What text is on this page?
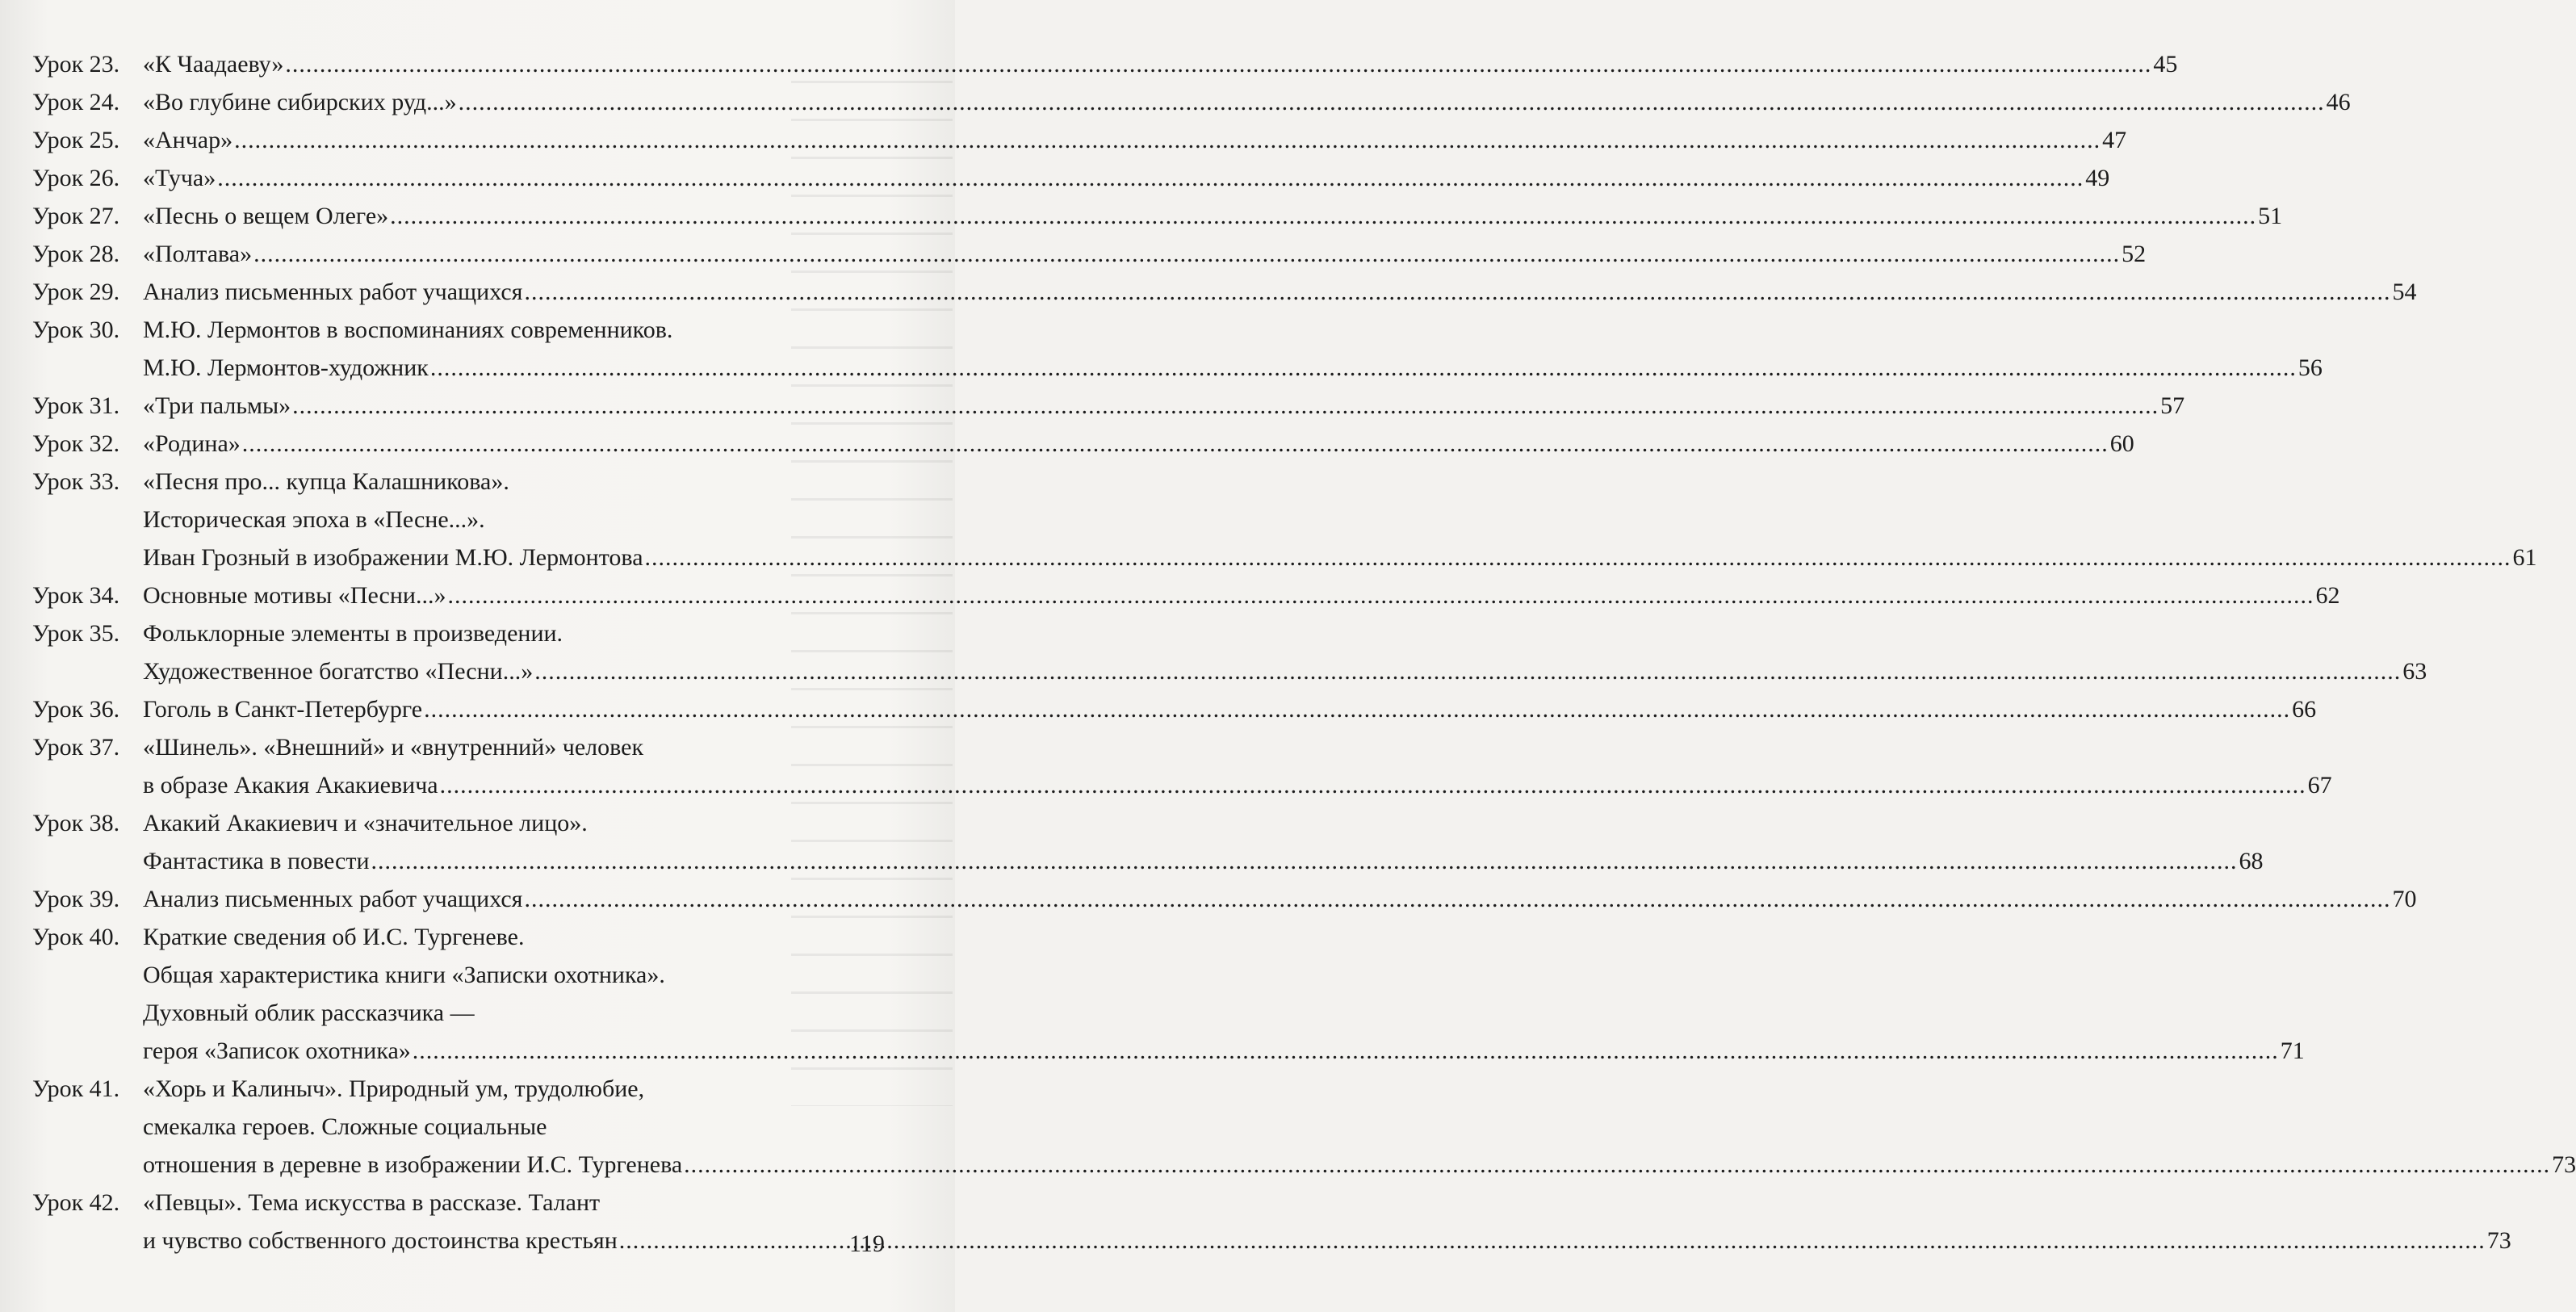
Урок 23. «К Чаадаеву» .....	45
Урок 24. «Во глубине сибирских руд...» .....	46
Урок 25. «Анчар» .....	47
Урок 26. «Туча» .....	49
Урок 27. «Песнь о вещем Олеге» .....	51
Урок 28. «Полтава» .....	52
Урок 29. Анализ письменных работ учащихся .....	54
Урок 30. М.Ю. Лермонтов в воспоминаниях современников.
М.Ю. Лермонтов-художник .....	56
Урок 31. «Три пальмы» .....	57
Урок 32. «Родина» .....	60
Урок 33. «Песня про... купца Калашникова».
Историческая эпоха в «Песне...».
Иван Грозный в изображении М.Ю. Лермонтова .....	61
Урок 34. Основные мотивы «Песни...» .....	62
Урок 35. Фольклорные элементы в произведении.
Художественное богатство «Песни...» .....	63
Урок 36. Гоголь в Санкт-Петербурге .....	66
Урок 37. «Шинель». «Внешний» и «внутренний» человек
в образе Акакия Акакиевича .....	67
Урок 38. Акакий Акакиевич и «значительное лицо».
Фантастика в повести .....	68
Урок 39. Анализ письменных работ учащихся .....	70
Урок 40. Краткие сведения об И.С. Тургеневе.
Общая характеристика книги «Записки охотника».
Духовный облик рассказчика —
героя «Записок охотника» .....	71
Урок 41. «Хорь и Калиныч». Природный ум, трудолюбие,
смекалка героев. Сложные социальные
отношения в деревне в изображении И.С. Тургенева .....	73
Урок 42. «Певцы». Тема искусства в рассказе. Талант
и чувство собственного достоинства крестьян .....	73
119
